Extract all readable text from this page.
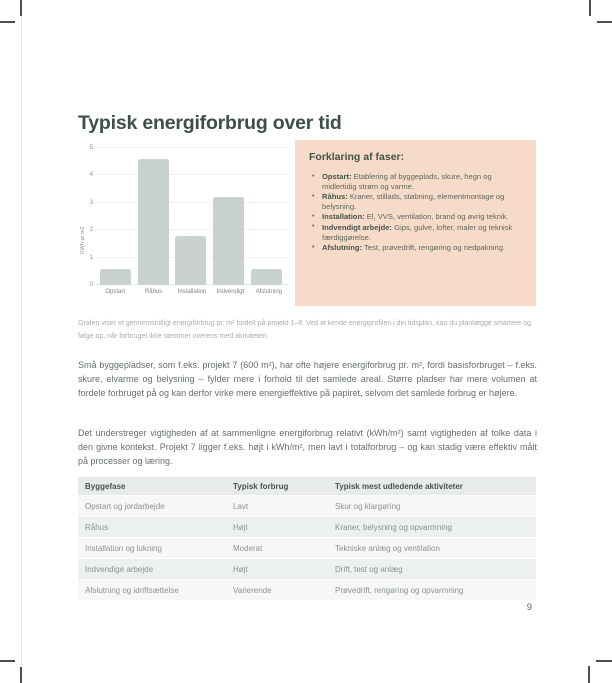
Typisk energiforbrug over tid
KWh pr m2
0
1
2
3
4
5
Opstart	Råhus	Installation	Indvendigt	Afslutning
Forklaring af faser:
• Opstart: Etablering af byggeplads, skure, hegn og midlertidig strøm og varme.
• Råhus: Kraner, stillads, støbning, elementmontage og belysning.
• Installation: El, VVS, ventilation, brand og øvrig teknik.
• Indvendigt arbejde: Gips, gulve, lofter, maler og teknisk færdiggørelse.
• Afslutning: Test, prøvedrift, rengøring og nedpakning.

Grafen viser et gennemsnitligt energiforbrug pr. m² fordelt på projekt 1–8. Ved at kende energiprofilen i din tidsplan, kan du planlægge smartere og følge op, når forbruget ikke stemmer overens med aktiviteten.

Små byggepladser, som f.eks. projekt 7 (600 m²), har ofte højere energiforbrug pr. m², fordi basisforbruget – f.eks. skure, elvarme og belysning – fylder mere i forhold til det samlede areal. Større pladser har mere volumen at fordele forbruget på og kan derfor virke mere energieffektive på papiret, selvom det samlede forbrug er højere.

Det understreger vigtigheden af at sammenligne energiforbrug relativt (kWh/m²) samt vigtigheden af tolke data i den givne kontekst. Projekt 7 ligger f.eks. højt i kWh/m², men lavt i totalforbrug – og kan stadig være effektiv målt på processer og læring.

Byggefase	Typisk forbrug	Typisk mest udledende aktiviteter
Opstart og jordarbejde	Lavt	Skur og klargøring
Råhus	Højt	Kraner, belysning og opvarmning
Installation og lukning	Moderat	Tekniske anlæg og ventilation
Indvendige arbejde	Højt	Drift, test og anlæg
Afslutning og idriftsættelse	Varierende	Prøvedrift, rengøring og opvarmning
9
